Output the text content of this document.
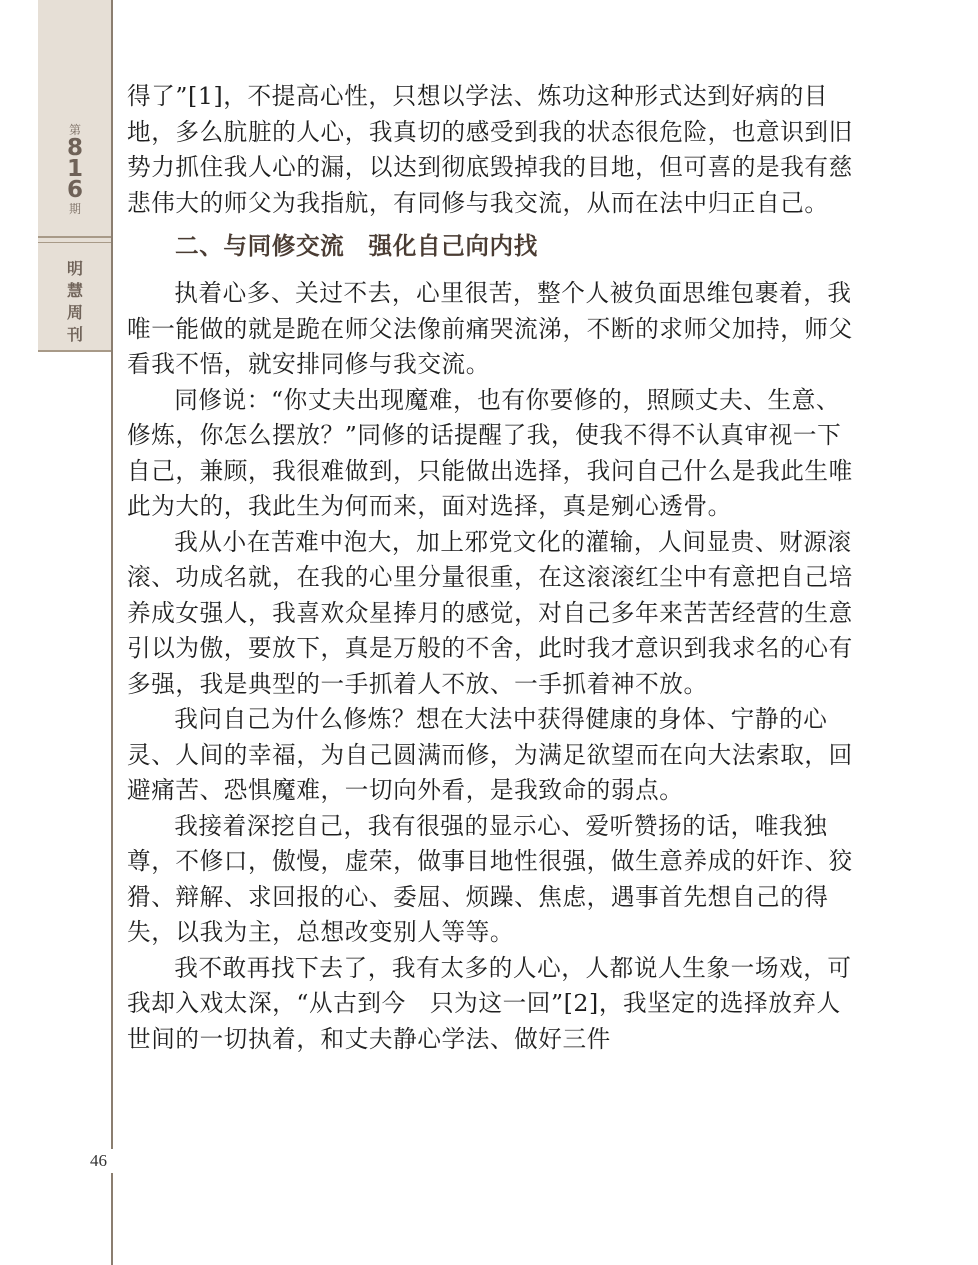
第
8
1
6
期
明
慧
周
刊
46

得了”[1]，不提高心性，只想以学法、炼功这种形式达到好病的目地，多么肮脏的人心，我真切的感受到我的状态很危险，也意识到旧势力抓住我人心的漏，以达到彻底毁掉我的目地，但可喜的是我有慈悲伟大的师父为我指航，有同修与我交流，从而在法中归正自己。

二、与同修交流　强化自己向内找

执着心多、关过不去，心里很苦，整个人被负面思维包裹着，我唯一能做的就是跪在师父法像前痛哭流涕，不断的求师父加持，师父看我不悟，就安排同修与我交流。

同修说：“你丈夫出现魔难，也有你要修的，照顾丈夫、生意、修炼，你怎么摆放？”同修的话提醒了我，使我不得不认真审视一下自己，兼顾，我很难做到，只能做出选择，我问自己什么是我此生唯此为大的，我此生为何而来，面对选择，真是剜心透骨。

我从小在苦难中泡大，加上邪党文化的灌输，人间显贵、财源滚滚、功成名就，在我的心里分量很重，在这滚滚红尘中有意把自己培养成女强人，我喜欢众星捧月的感觉，对自己多年来苦苦经营的生意引以为傲，要放下，真是万般的不舍，此时我才意识到我求名的心有多强，我是典型的一手抓着人不放、一手抓着神不放。

我问自己为什么修炼？想在大法中获得健康的身体、宁静的心灵、人间的幸福，为自己圆满而修，为满足欲望而在向大法索取，回避痛苦、恐惧魔难，一切向外看，是我致命的弱点。

我接着深挖自己，我有很强的显示心、爱听赞扬的话，唯我独尊，不修口，傲慢，虚荣，做事目地性很强，做生意养成的奸诈、狡猾、辩解、求回报的心、委屈、烦躁、焦虑，遇事首先想自己的得失，以我为主，总想改变别人等等。

我不敢再找下去了，我有太多的人心，人都说人生象一场戏，可我却入戏太深，“从古到今　只为这一回”[2]，我坚定的选择放弃人世间的一切执着，和丈夫静心学法、做好三件
